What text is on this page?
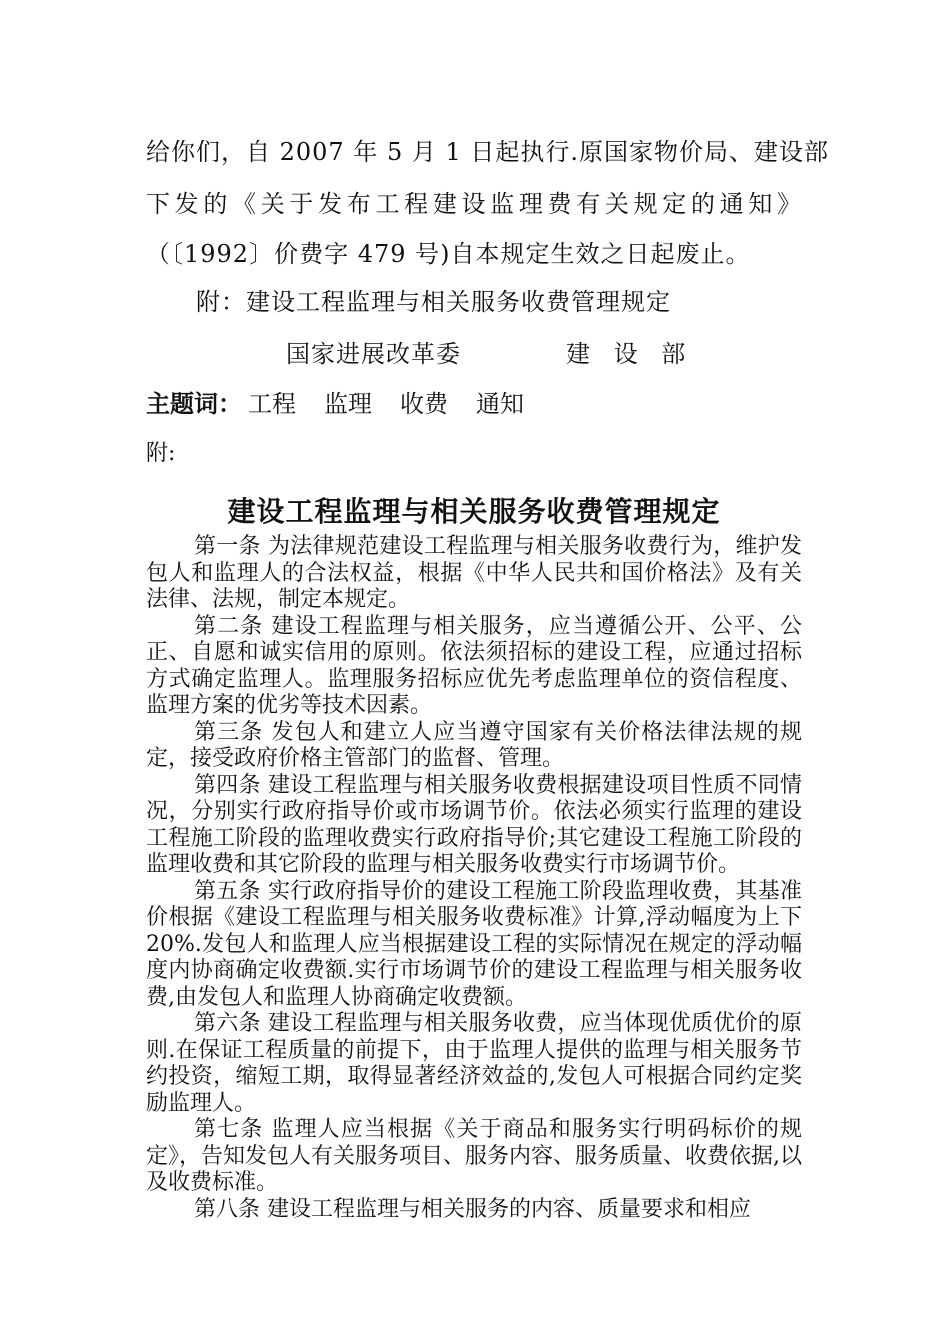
给你们，自 2007 年 5 月 1 日起执行.原国家物价局、建设部
下发的《关于发布工程建设监理费有关规定的通知》
（〔1992〕价费字 479 号)自本规定生效之日起废止。
附：建设工程监理与相关服务收费管理规定
国家进展改革委	建 设 部
主题词： 工程 监理 收费 通知
附:
建设工程监理与相关服务收费管理规定

第一条 为法律规范建设工程监理与相关服务收费行为，维护发包人和监理人的合法权益，根据《中华人民共和国价格法》及有关法律、法规，制定本规定。

第二条 建设工程监理与相关服务，应当遵循公开、公平、公正、自愿和诚实信用的原则。依法须招标的建设工程，应通过招标方式确定监理人。监理服务招标应优先考虑监理单位的资信程度、监理方案的优劣等技术因素。

第三条 发包人和建立人应当遵守国家有关价格法律法规的规定，接受政府价格主管部门的监督、管理。

第四条 建设工程监理与相关服务收费根据建设项目性质不同情况，分别实行政府指导价或市场调节价。依法必须实行监理的建设工程施工阶段的监理收费实行政府指导价;其它建设工程施工阶段的监理收费和其它阶段的监理与相关服务收费实行市场调节价。

第五条 实行政府指导价的建设工程施工阶段监理收费，其基准价根据《建设工程监理与相关服务收费标准》计算,浮动幅度为上下 20%.发包人和监理人应当根据建设工程的实际情况在规定的浮动幅度内协商确定收费额.实行市场调节价的建设工程监理与相关服务收费,由发包人和监理人协商确定收费额。

第六条 建设工程监理与相关服务收费，应当体现优质优价的原则.在保证工程质量的前提下，由于监理人提供的监理与相关服务节约投资，缩短工期，取得显著经济效益的,发包人可根据合同约定奖励监理人。

第七条 监理人应当根据《关于商品和服务实行明码标价的规定》，告知发包人有关服务项目、服务内容、服务质量、收费依据,以及收费标准。

第八条 建设工程监理与相关服务的内容、质量要求和相应
